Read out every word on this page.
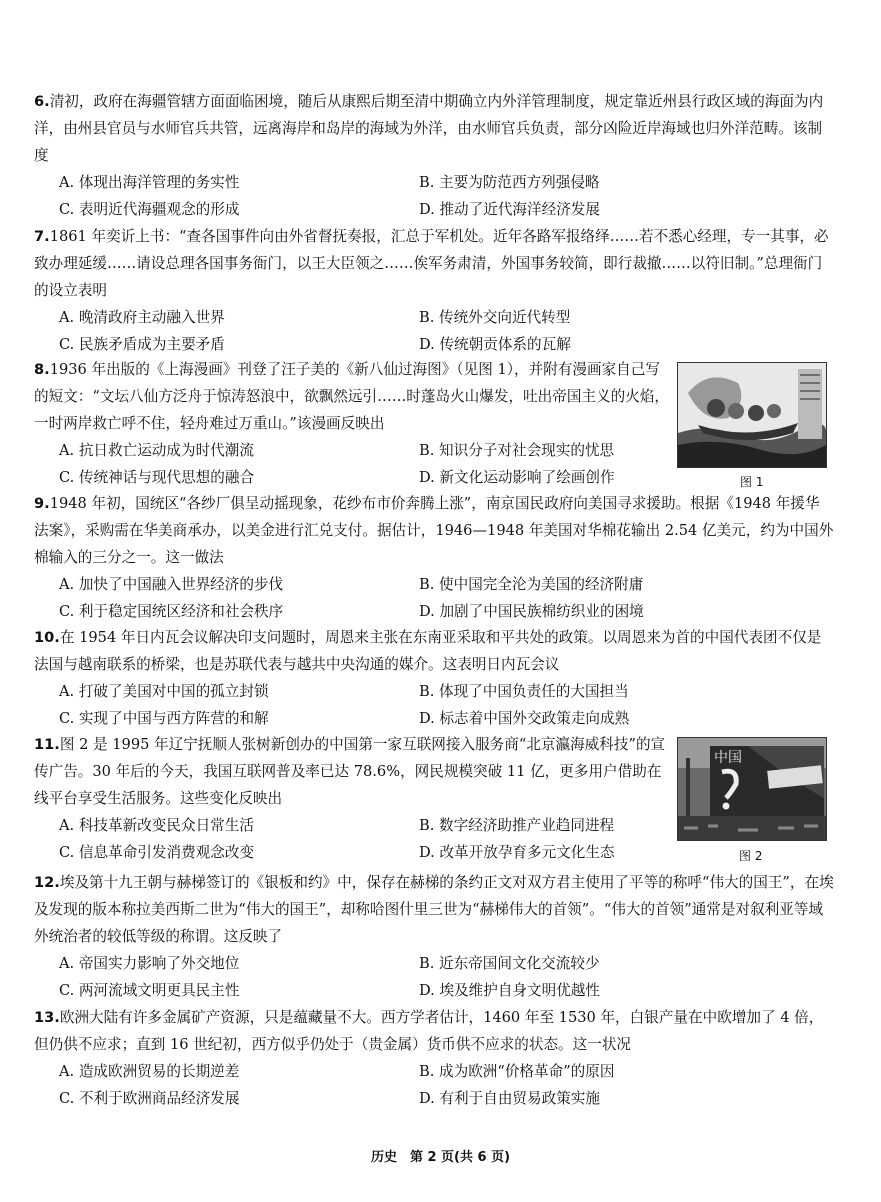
6.清初，政府在海疆管辖方面面临困境，随后从康熙后期至清中期确立内外洋管理制度，规定靠近州县行政区域的海面为内洋，由州县官员与水师官兵共管，远离海岸和岛岸的海域为外洋，由水师官兵负责，部分凶险近岸海域也归外洋范畴。该制度

A. 体现出海洋管理的务实性	B. 主要为防范西方列强侵略
C. 表明近代海疆观念的形成	D. 推动了近代海洋经济发展

7.1861 年奕䜣上书：“查各国事件向由外省督抚奏报，汇总于军机处。近年各路军报络绎……若不悉心经理，专一其事，必致办理延缓……请设总理各国事务衙门，以王大臣领之……俟军务肃清，外国事务较简，即行裁撤……以符旧制。”总理衙门的设立表明

A. 晚清政府主动融入世界	B. 传统外交向近代转型
C. 民族矛盾成为主要矛盾	D. 传统朝贡体系的瓦解

8.1936 年出版的《上海漫画》刊登了汪子美的《新八仙过海图》（见图 1），并附有漫画家自己写的短文：“文坛八仙方泛舟于惊涛怒浪中，欲飘然远引……时蓬岛火山爆发，吐出帝国主义的火焰，一时两岸救亡呼不住，轻舟难过万重山。”该漫画反映出

A. 抗日救亡运动成为时代潮流	B. 知识分子对社会现实的忧思
C. 传统神话与现代思想的融合	D. 新文化运动影响了绘画创作	图 1

9.1948 年初，国统区“各纱厂俱呈动摇现象，花纱布市价奔腾上涨”，南京国民政府向美国寻求援助。根据《1948 年援华法案》，采购需在华美商承办，以美金进行汇兑支付。据估计，1946—1948 年美国对华棉花输出 2.54 亿美元，约为中国外棉输入的三分之一。这一做法

A. 加快了中国融入世界经济的步伐	B. 使中国完全沦为美国的经济附庸
C. 利于稳定国统区经济和社会秩序	D. 加剧了中国民族棉纺织业的困境

10.在 1954 年日内瓦会议解决印支问题时，周恩来主张在东南亚采取和平共处的政策。以周恩来为首的中国代表团不仅是法国与越南联系的桥梁，也是苏联代表与越共中央沟通的媒介。这表明日内瓦会议

A. 打破了美国对中国的孤立封锁	B. 体现了中国负责任的大国担当
C. 实现了中国与西方阵营的和解	D. 标志着中国外交政策走向成熟

11.图 2 是 1995 年辽宁抚顺人张树新创办的中国第一家互联网接入服务商“北京瀛海威科技”的宣传广告。30 年后的今天，我国互联网普及率已达 78.6%，网民规模突破 11 亿，更多用户借助在线平台享受生活服务。这些变化反映出

A. 科技革新改变民众日常生活	B. 数字经济助推产业趋同进程
C. 信息革命引发消费观念改变	D. 改革开放孕育多元文化生态
中国
图 2

12.埃及第十九王朝与赫梯签订的《银板和约》中，保存在赫梯的条约正文对双方君主使用了平等的称呼“伟大的国王”，在埃及发现的版本称拉美西斯二世为“伟大的国王”，却称哈图什里三世为“赫梯伟大的首领”。“伟大的首领”通常是对叙利亚等域外统治者的较低等级的称谓。这反映了

A. 帝国实力影响了外交地位	B. 近东帝国间文化交流较少
C. 两河流域文明更具民主性	D. 埃及维护自身文明优越性

13.欧洲大陆有许多金属矿产资源，只是蕴藏量不大。西方学者估计，1460 年至 1530 年，白银产量在中欧增加了 4 倍，但仍供不应求；直到 16 世纪初，西方似乎仍处于（贵金属）货币供不应求的状态。这一状况

A. 造成欧洲贸易的长期逆差	B. 成为欧洲“价格革命”的原因
C. 不利于欧洲商品经济发展	D. 有利于自由贸易政策实施
历史　第 2 页(共 6 页)
